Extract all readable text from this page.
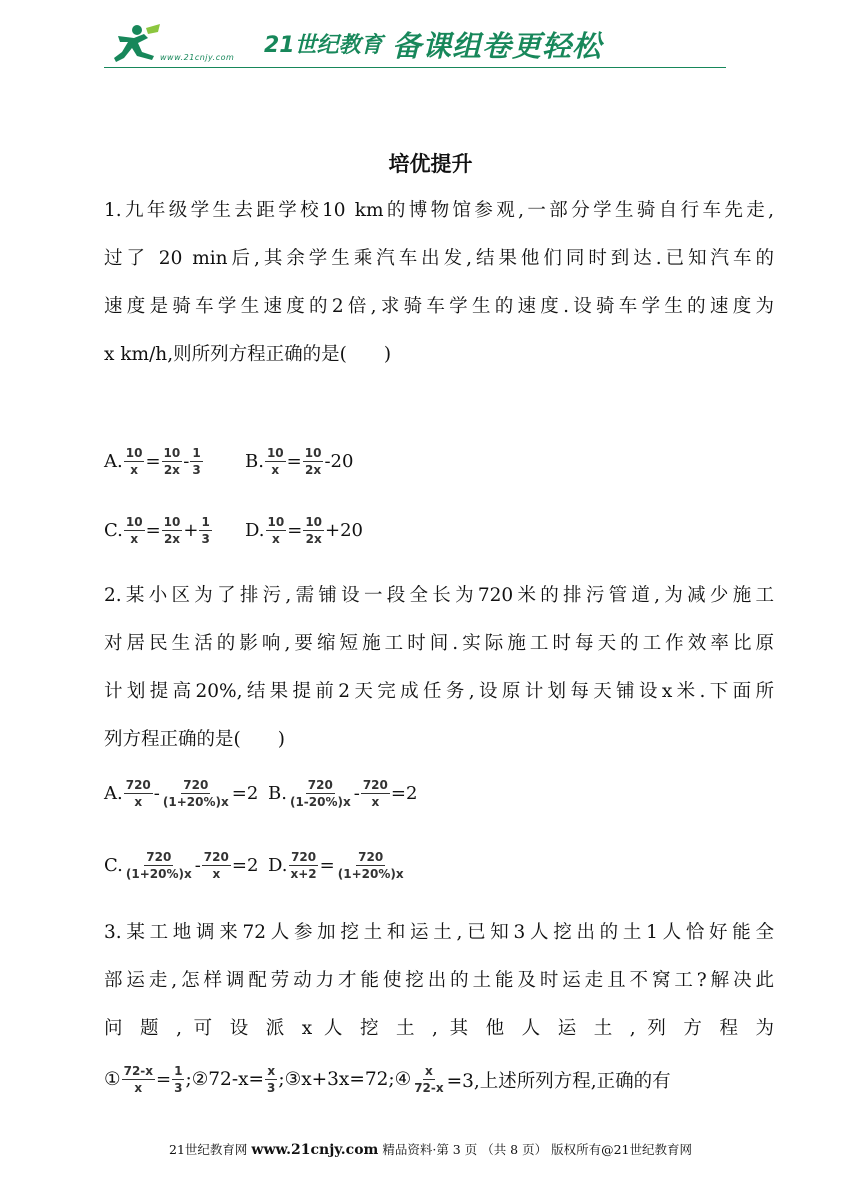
21世纪教育
www.21cnjy.com	备课组卷更轻松
培优提升
1.九年级学生去距学校10 km的博物馆参观,一部分学生骑自行车先走,
过了 20 min后,其余学生乘汽车出发,结果他们同时到达.已知汽车的
速度是骑车学生速度的2倍,求骑车学生的速度.设骑车学生的速度为
x km/h,则所列方程正确的是(　　)
A. $\frac{10}{x} = \frac{10}{2x} - \frac{1}{3} B$. $\frac{10}{x} = \frac{10}{2x} -20$
C. $\frac{10}{x} = \frac{10}{2x} + \frac{1}{3} D$. $\frac{10}{x} = \frac{10}{2x} +20$
2.某小区为了排污,需铺设一段全长为720米的排污管道,为减少施工
对居民生活的影响,要缩短施工时间.实际施工时每天的工作效率比原
计划提高20%,结果提前2天完成任务,设原计划每天铺设x米.下面所
列方程正确的是(　　)
A. $\frac{720}{x} - \frac{720}{(1+20\%)x} =2$ B. $\frac{720}{(1-20\%)x} - \frac{720}{x} =2$
C. $\frac{720}{(1+20\%)x} - \frac{720}{x} =2$ D. $\frac{720}{x+2} = \frac{720}{(1+20\%)x}$
3.某工地调来72人参加挖土和运土,已知3人挖出的土1人恰好能全
部运走,怎样调配劳动力才能使挖出的土能及时运走且不窝工?解决此
问 题 , 可 设 派 x 人 挖 土 , 其 他 人 运 土 , 列 方 程 为
① $\frac{72-x}{x} = \frac{1}{3}$ ;②72-x= $\frac{x}{3}$ ;③x+3x=72;④ $\frac{x}{72-x} =3$,上述所列方程,正确的有
21世纪教育网 www.21cnjy.com 精品资料·第 3 页 （共 8 页） 版权所有@21世纪教育网
